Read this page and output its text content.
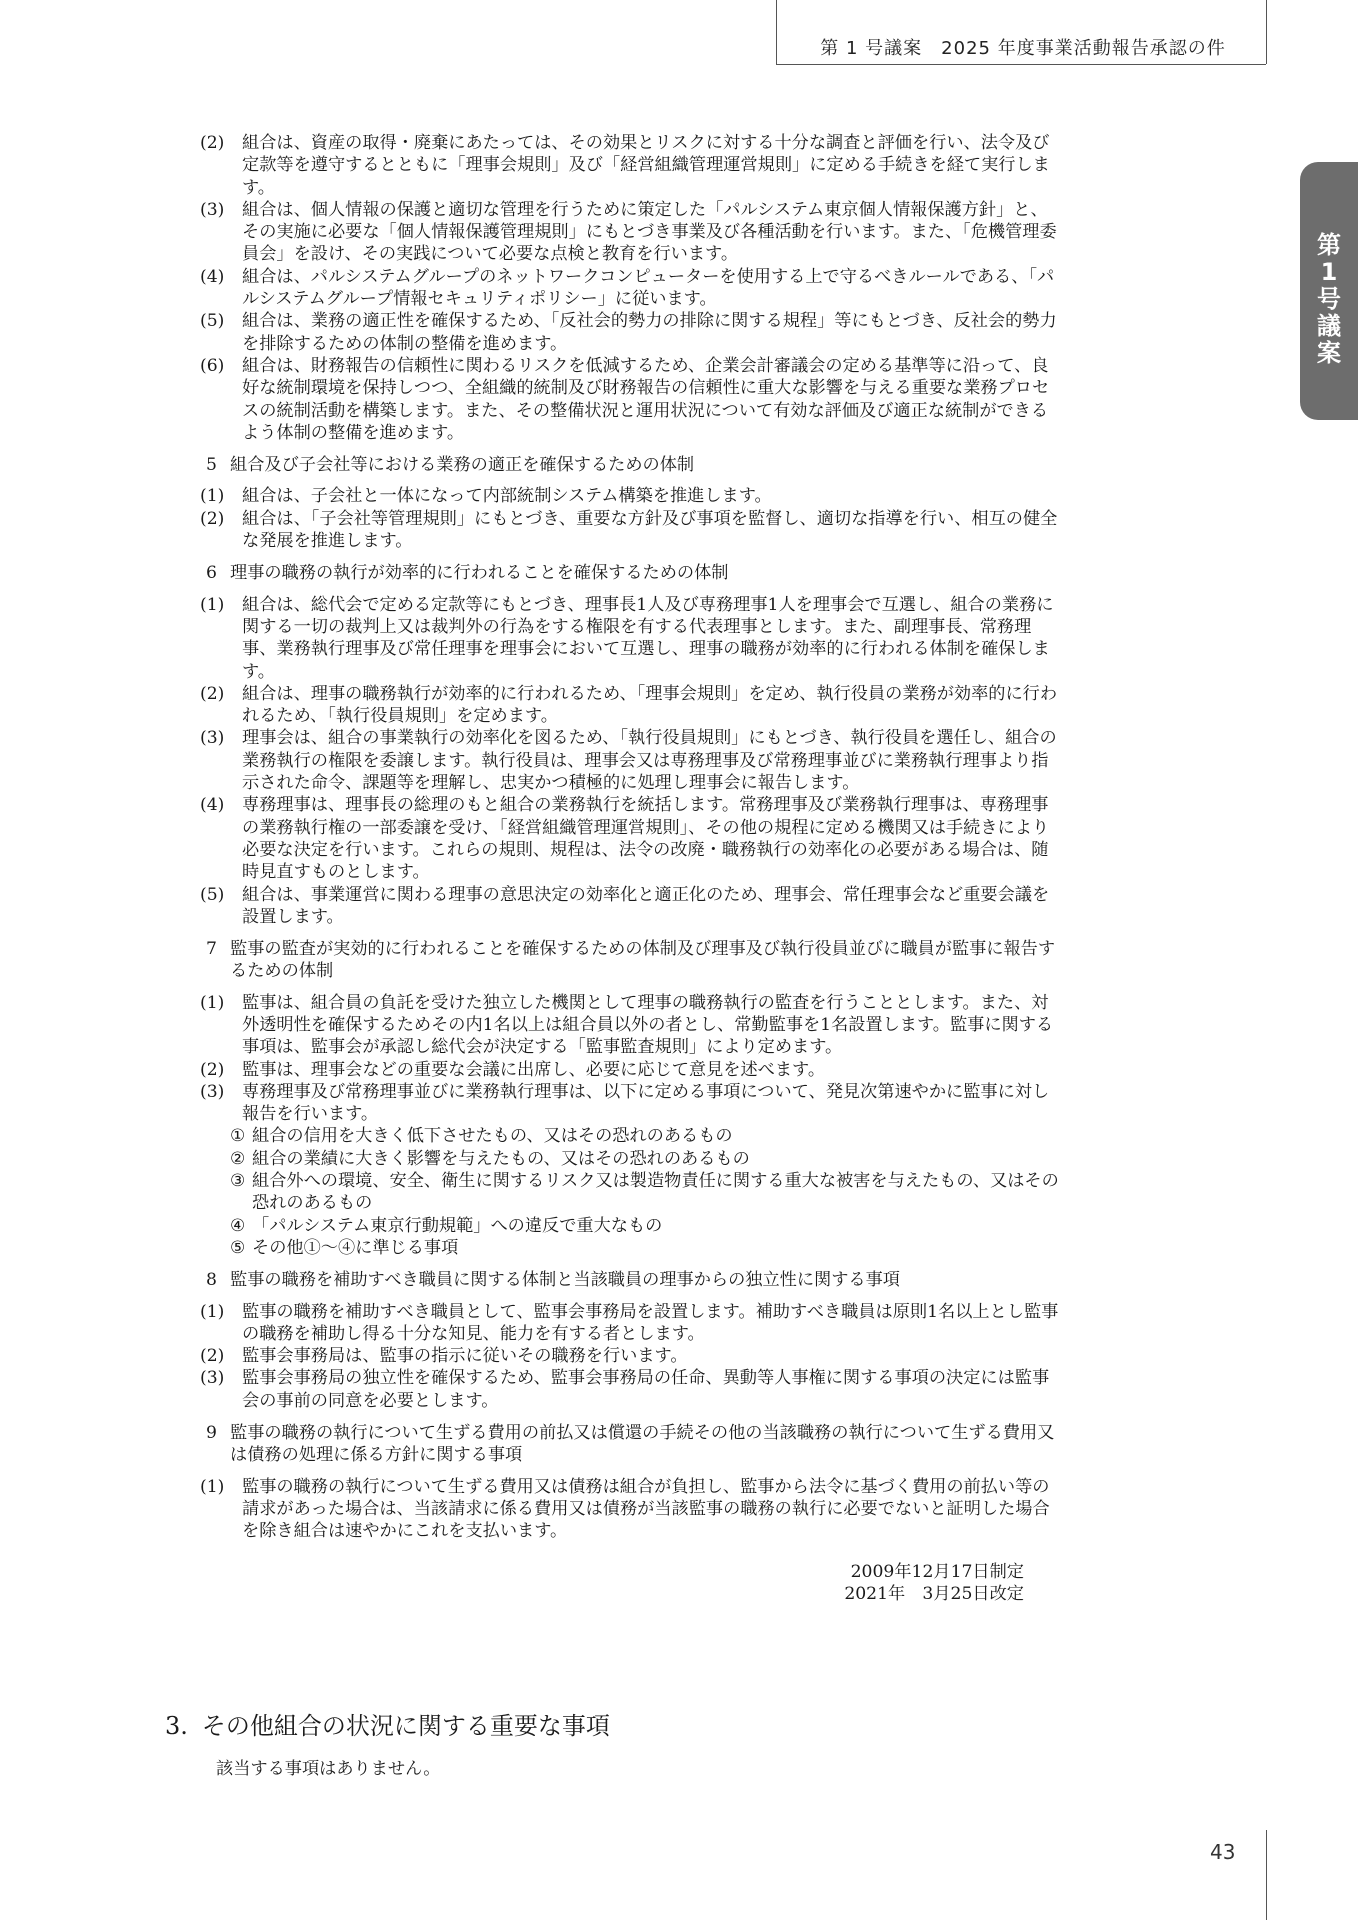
第 1 号議案　2025 年度事業活動報告承認の件
第
1
号
議
案
(2)	組合は、資産の取得・廃棄にあたっては、その効果とリスクに対する十分な調査と評価を行い、法令及び定款等を遵守するとともに「理事会規則」及び「経営組織管理運営規則」に定める手続きを経て実行します。
(3)	組合は、個人情報の保護と適切な管理を行うために策定した「パルシステム東京個人情報保護方針」と、その実施に必要な「個人情報保護管理規則」にもとづき事業及び各種活動を行います。また、「危機管理委員会」を設け、その実践について必要な点検と教育を行います。
(4)	組合は、パルシステムグループのネットワークコンピューターを使用する上で守るべきルールである、「パルシステムグループ情報セキュリティポリシー」に従います。
(5)	組合は、業務の適正性を確保するため、「反社会的勢力の排除に関する規程」等にもとづき、反社会的勢力を排除するための体制の整備を進めます。
(6)	組合は、財務報告の信頼性に関わるリスクを低減するため、企業会計審議会の定める基準等に沿って、良好な統制環境を保持しつつ、全組織的統制及び財務報告の信頼性に重大な影響を与える重要な業務プロセスの統制活動を構築します。また、その整備状況と運用状況について有効な評価及び適正な統制ができるよう体制の整備を進めます。
5 組合及び子会社等における業務の適正を確保するための体制
(1)	組合は、子会社と一体になって内部統制システム構築を推進します。
(2)	組合は、「子会社等管理規則」にもとづき、重要な方針及び事項を監督し、適切な指導を行い、相互の健全な発展を推進します。
6 理事の職務の執行が効率的に行われることを確保するための体制
(1)	組合は、総代会で定める定款等にもとづき、理事長1人及び専務理事1人を理事会で互選し、組合の業務に関する一切の裁判上又は裁判外の行為をする権限を有する代表理事とします。また、副理事長、常務理事、業務執行理事及び常任理事を理事会において互選し、理事の職務が効率的に行われる体制を確保します。
(2)	組合は、理事の職務執行が効率的に行われるため、「理事会規則」を定め、執行役員の業務が効率的に行われるため、「執行役員規則」を定めます。
(3)	理事会は、組合の事業執行の効率化を図るため、「執行役員規則」にもとづき、執行役員を選任し、組合の業務執行の権限を委譲します。執行役員は、理事会又は専務理事及び常務理事並びに業務執行理事より指示された命令、課題等を理解し、忠実かつ積極的に処理し理事会に報告します。
(4)	専務理事は、理事長の総理のもと組合の業務執行を統括します。常務理事及び業務執行理事は、専務理事の業務執行権の一部委譲を受け、「経営組織管理運営規則」、その他の規程に定める機関又は手続きにより必要な決定を行います。これらの規則、規程は、法令の改廃・職務執行の効率化の必要がある場合は、随時見直すものとします。
(5)	組合は、事業運営に関わる理事の意思決定の効率化と適正化のため、理事会、常任理事会など重要会議を設置します。
7 監事の監査が実効的に行われることを確保するための体制及び理事及び執行役員並びに職員が監事に報告するための体制
(1)	監事は、組合員の負託を受けた独立した機関として理事の職務執行の監査を行うこととします。また、対外透明性を確保するためその内1名以上は組合員以外の者とし、常勤監事を1名設置します。監事に関する事項は、監事会が承認し総代会が決定する「監事監査規則」により定めます。
(2)	監事は、理事会などの重要な会議に出席し、必要に応じて意見を述べます。
(3)	専務理事及び常務理事並びに業務執行理事は、以下に定める事項について、発見次第速やかに監事に対し報告を行います。
① 組合の信用を大きく低下させたもの、又はその恐れのあるもの
② 組合の業績に大きく影響を与えたもの、又はその恐れのあるもの
③ 組合外への環境、安全、衛生に関するリスク又は製造物責任に関する重大な被害を与えたもの、又はその恐れのあるもの
④ 「パルシステム東京行動規範」への違反で重大なもの
⑤ その他①～④に準じる事項
8 監事の職務を補助すべき職員に関する体制と当該職員の理事からの独立性に関する事項
(1)	監事の職務を補助すべき職員として、監事会事務局を設置します。補助すべき職員は原則1名以上とし監事の職務を補助し得る十分な知見、能力を有する者とします。
(2)	監事会事務局は、監事の指示に従いその職務を行います。
(3)	監事会事務局の独立性を確保するため、監事会事務局の任命、異動等人事権に関する事項の決定には監事会の事前の同意を必要とします。
9 監事の職務の執行について生ずる費用の前払又は償還の手続その他の当該職務の執行について生ずる費用又は債務の処理に係る方針に関する事項
(1)	監事の職務の執行について生ずる費用又は債務は組合が負担し、監事から法令に基づく費用の前払い等の請求があった場合は、当該請求に係る費用又は債務が当該監事の職務の執行に必要でないと証明した場合を除き組合は速やかにこれを支払います。
2009年12月17日制定
2021年　3月25日改定
3. その他組合の状況に関する重要な事項
該当する事項はありません。
43
